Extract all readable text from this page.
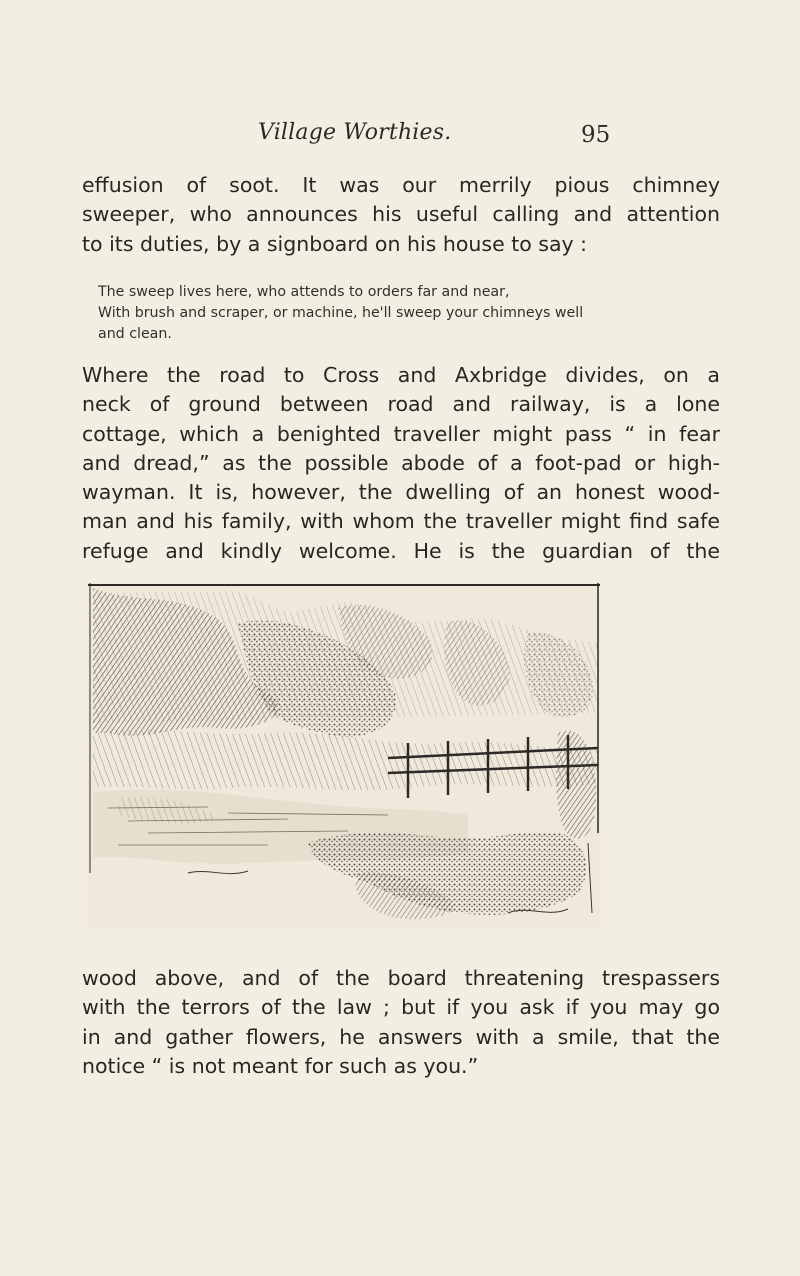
Village Worthies.	95

effusion of soot. It was our merrily pious chimney
sweeper, who announces his useful calling and attention
to its duties, by a signboard on his house to say :

The sweep lives here, who attends to orders far and near,
With brush and scraper, or machine, he'll sweep your chimneys well
and clean.

Where the road to Cross and Axbridge divides, on a
neck of ground between road and railway, is a lone
cottage, which a benighted traveller might pass “ in fear
and dread,” as the possible abode of a foot-pad or high-
wayman. It is, however, the dwelling of an honest wood-
man and his family, with whom the traveller might find safe
refuge and kindly welcome. He is the guardian of the

wood above, and of the board threatening trespassers
with the terrors of the law ; but if you ask if you may go
in and gather flowers, he answers with a smile, that the
notice “ is not meant for such as you.”
